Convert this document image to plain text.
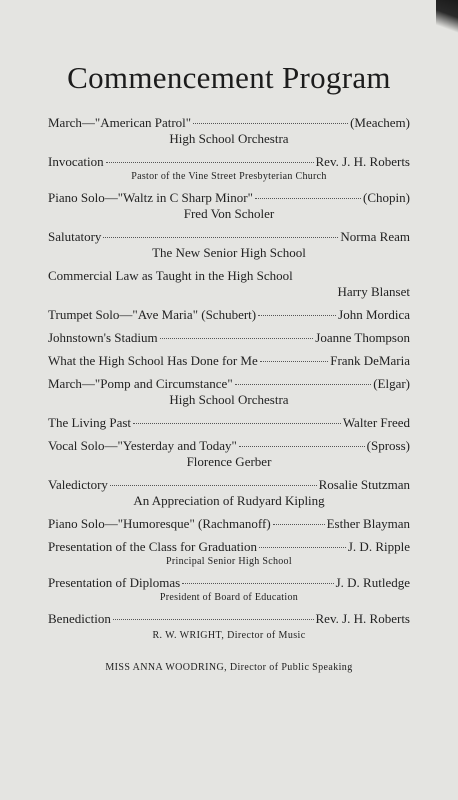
Commencement Program
March—"American Patrol"	(Meachem)
High School Orchestra
Invocation	Rev. J. H. Roberts
Pastor of the Vine Street Presbyterian Church
Piano Solo—"Waltz in C Sharp Minor"	(Chopin)
Fred Von Scholer
Salutatory	Norma Ream
The New Senior High School
Commercial Law as Taught in the High School
Harry Blanset
Trumpet Solo—"Ave Maria" (Schubert)	John Mordica
Johnstown's Stadium	Joanne Thompson
What the High School Has Done for Me	Frank DeMaria
March—"Pomp and Circumstance"	(Elgar)
High School Orchestra
The Living Past	Walter Freed
Vocal Solo—"Yesterday and Today"	(Spross)
Florence Gerber
Valedictory	Rosalie Stutzman
An Appreciation of Rudyard Kipling
Piano Solo—"Humoresque" (Rachmanoff)	Esther Blayman
Presentation of the Class for Graduation	J. D. Ripple
Principal Senior High School
Presentation of Diplomas	J. D. Rutledge
President of Board of Education
Benediction	Rev. J. H. Roberts
R. W. WRIGHT, Director of Music
MISS ANNA WOODRING, Director of Public Speaking
